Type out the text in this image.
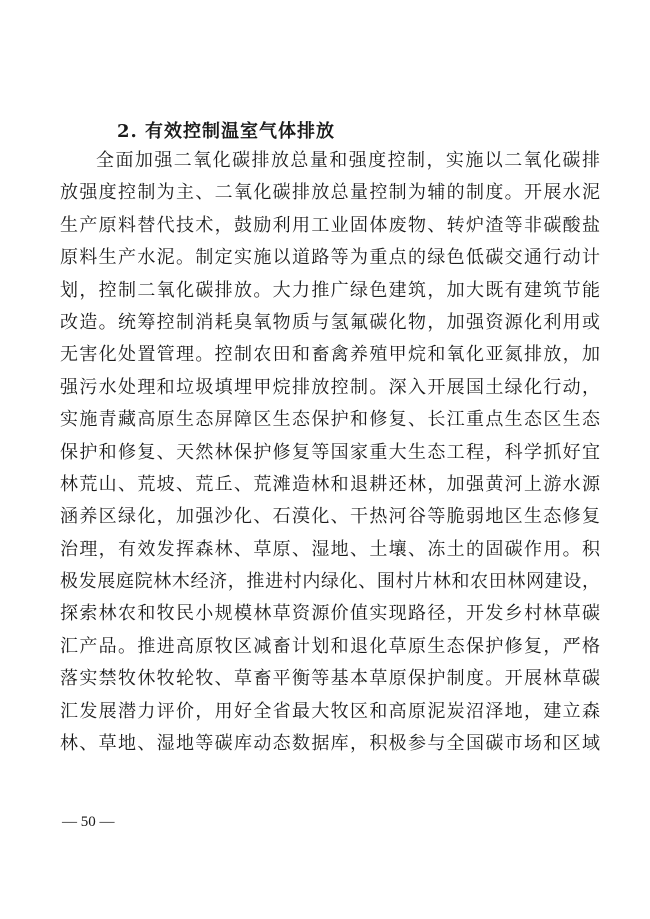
2. 有效控制温室气体排放
全面加强二氧化碳排放总量和强度控制，实施以二氧化碳排
放强度控制为主、二氧化碳排放总量控制为辅的制度。开展水泥
生产原料替代技术，鼓励利用工业固体废物、转炉渣等非碳酸盐
原料生产水泥。制定实施以道路等为重点的绿色低碳交通行动计
划，控制二氧化碳排放。大力推广绿色建筑，加大既有建筑节能
改造。统筹控制消耗臭氧物质与氢氟碳化物，加强资源化利用或
无害化处置管理。控制农田和畜禽养殖甲烷和氧化亚氮排放，加
强污水处理和垃圾填埋甲烷排放控制。深入开展国土绿化行动，
实施青藏高原生态屏障区生态保护和修复、长江重点生态区生态
保护和修复、天然林保护修复等国家重大生态工程，科学抓好宜
林荒山、荒坡、荒丘、荒滩造林和退耕还林，加强黄河上游水源
涵养区绿化，加强沙化、石漠化、干热河谷等脆弱地区生态修复
治理，有效发挥森林、草原、湿地、土壤、冻土的固碳作用。积
极发展庭院林木经济，推进村内绿化、围村片林和农田林网建设，
探索林农和牧民小规模林草资源价值实现路径，开发乡村林草碳
汇产品。推进高原牧区减畜计划和退化草原生态保护修复，严格
落实禁牧休牧轮牧、草畜平衡等基本草原保护制度。开展林草碳
汇发展潜力评价，用好全省最大牧区和高原泥炭沼泽地，建立森
林、草地、湿地等碳库动态数据库，积极参与全国碳市场和区域
— 50 —
